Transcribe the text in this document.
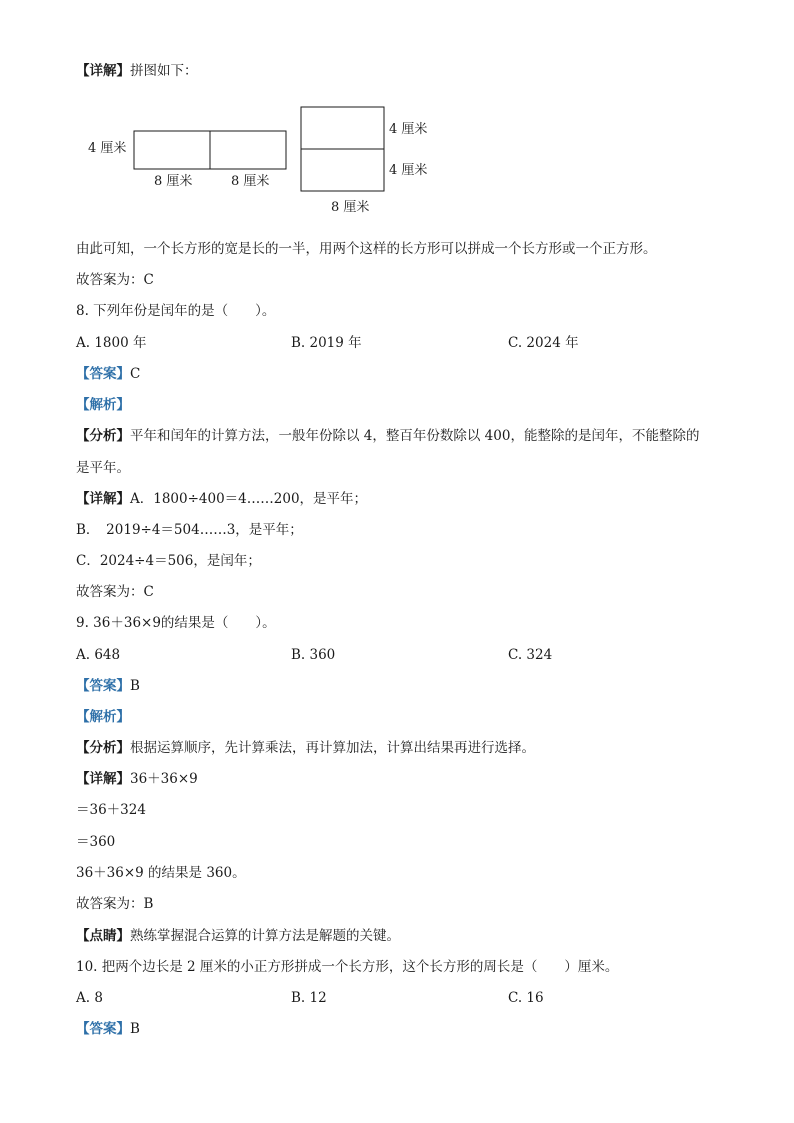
【详解】拼图如下：
4 厘米
8 厘米	8 厘米
4 厘米
4 厘米
8 厘米
由此可知，一个长方形的宽是长的一半，用两个这样的长方形可以拼成一个长方形或一个正方形。
故答案为：C
8. 下列年份是闰年的是（　　）。
A. 1800 年	B. 2019 年	C. 2024 年
【答案】C
【解析】
【分析】平年和闰年的计算方法，一般年份除以 4，整百年份数除以 400，能整除的是闰年，不能整除的
是平年。
【详解】A．1800÷400＝4……200，是平年；
B．　2019÷4＝504……3，是平年；
C．2024÷4＝506，是闰年；
故答案为：C
9. 36＋36×9的结果是（　　）。
A. 648	B. 360	C. 324
【答案】B
【解析】
【分析】根据运算顺序，先计算乘法，再计算加法，计算出结果再进行选择。
【详解】36＋36×9
＝36＋324
＝360
36＋36×9 的结果是 360。
故答案为：B
【点睛】熟练掌握混合运算的计算方法是解题的关键。
10. 把两个边长是 2 厘米的小正方形拼成一个长方形，这个长方形的周长是（　　）厘米。
A. 8	B. 12	C. 16
【答案】B
